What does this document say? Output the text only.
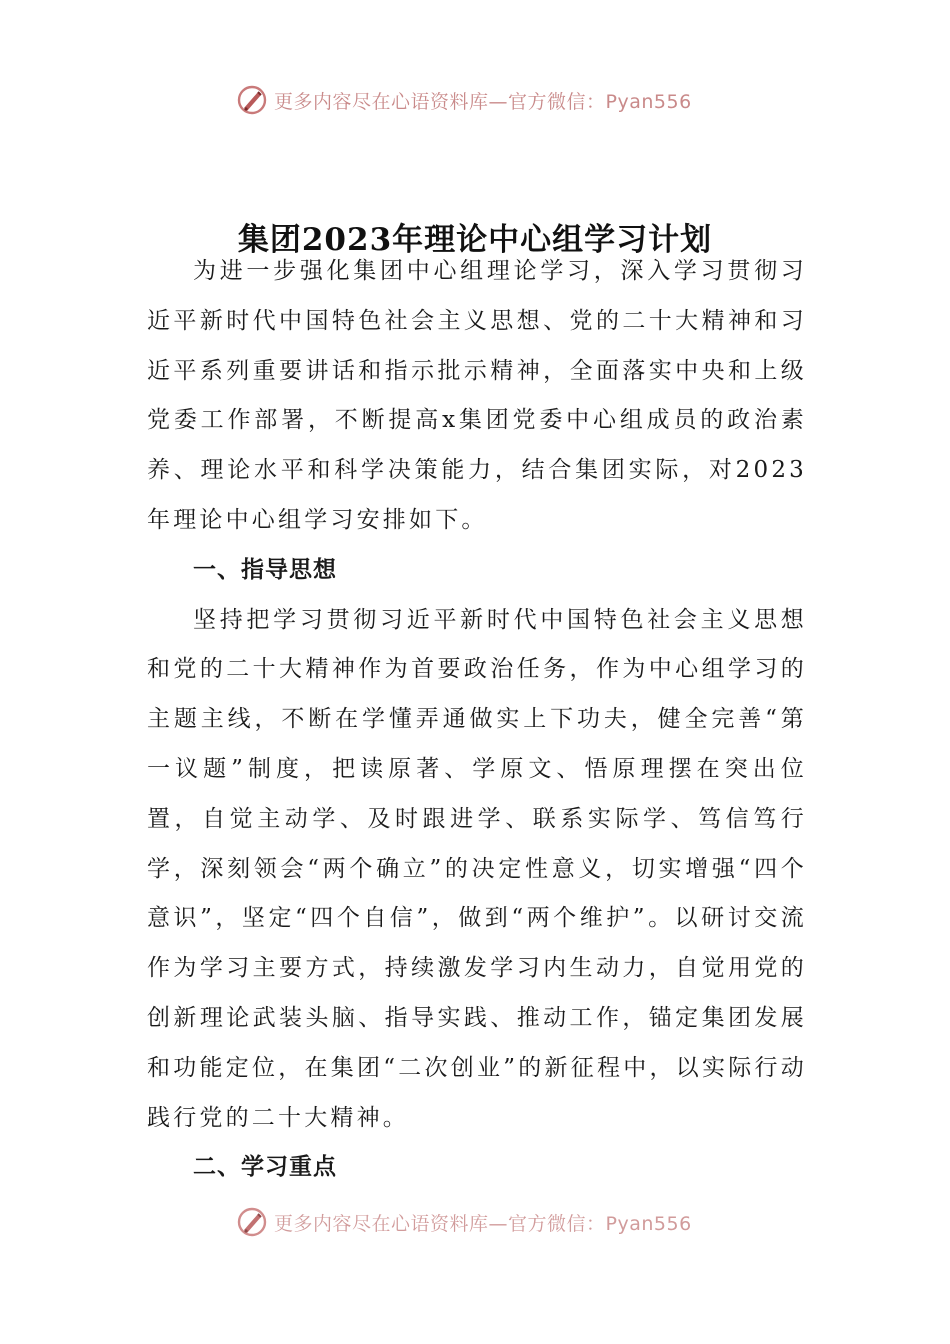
更多内容尽在心语资料库—官方微信：Pyan556
集团2023年理论中心组学习计划

为进一步强化集团中心组理论学习，深入学习贯彻习近平新时代中国特色社会主义思想、党的二十大精神和习近平系列重要讲话和指示批示精神，全面落实中央和上级党委工作部署，不断提高x集团党委中心组成员的政治素养、理论水平和科学决策能力，结合集团实际，对2023年理论中心组学习安排如下。

一、指导思想

坚持把学习贯彻习近平新时代中国特色社会主义思想和党的二十大精神作为首要政治任务，作为中心组学习的主题主线，不断在学懂弄通做实上下功夫，健全完善“第一议题”制度，把读原著、学原文、悟原理摆在突出位置，自觉主动学、及时跟进学、联系实际学、笃信笃行学，深刻领会“两个确立”的决定性意义，切实增强“四个意识”，坚定“四个自信”，做到“两个维护”。以研讨交流作为学习主要方式，持续激发学习内生动力，自觉用党的创新理论武装头脑、指导实践、推动工作，锚定集团发展和功能定位，在集团“二次创业”的新征程中，以实际行动践行党的二十大精神。

二、学习重点
更多内容尽在心语资料库—官方微信：Pyan556
